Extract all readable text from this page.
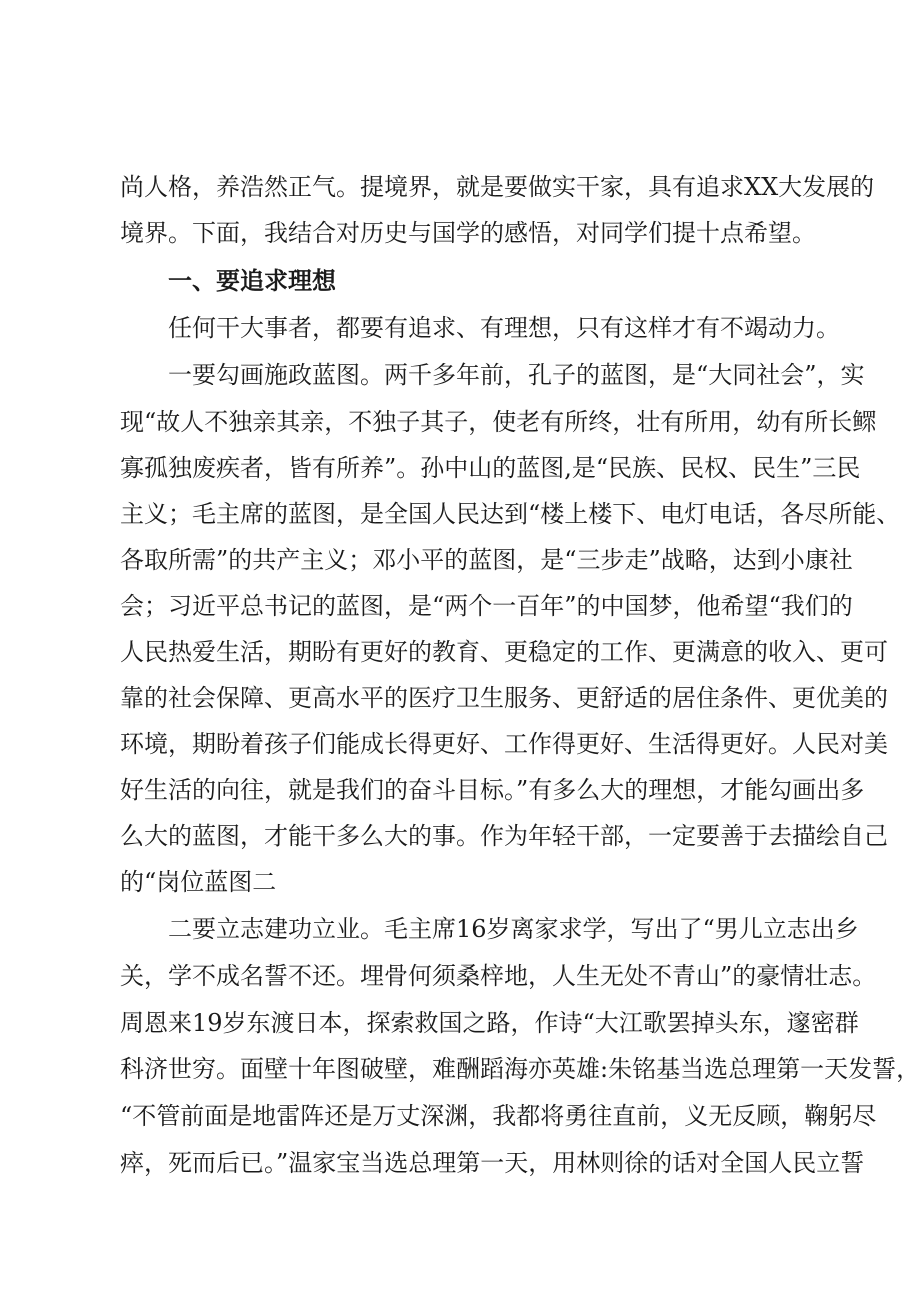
尚人格，养浩然正气。提境界，就是要做实干家，具有追求XX大发展的
境界。下面，我结合对历史与国学的感悟，对同学们提十点希望。
一、要追求理想
任何干大事者，都要有追求、有理想，只有这样才有不竭动力。
一要勾画施政蓝图。两千多年前，孔子的蓝图，是“大同社会”，实
现“故人不独亲其亲，不独子其子，使老有所终，壮有所用，幼有所长鳏
寡孤独废疾者，皆有所养”。孙中山的蓝图,是“民族、民权、民生”三民
主义；毛主席的蓝图，是全国人民达到“楼上楼下、电灯电话，各尽所能、
各取所需”的共产主义；邓小平的蓝图，是“三步走”战略，达到小康社
会；习近平总书记的蓝图，是“两个一百年”的中国梦，他希望“我们的
人民热爱生活，期盼有更好的教育、更稳定的工作、更满意的收入、更可
靠的社会保障、更高水平的医疗卫生服务、更舒适的居住条件、更优美的
环境，期盼着孩子们能成长得更好、工作得更好、生活得更好。人民对美
好生活的向往，就是我们的奋斗目标。”有多么大的理想，才能勾画出多
么大的蓝图，才能干多么大的事。作为年轻干部，一定要善于去描绘自己
的“岗位蓝图二
二要立志建功立业。毛主席16岁离家求学，写出了“男儿立志出乡
关，学不成名誓不还。埋骨何须桑梓地，人生无处不青山”的豪情壮志。
周恩来19岁东渡日本，探索救国之路，作诗“大江歌罢掉头东，邃密群
科济世穷。面壁十年图破壁，难酬蹈海亦英雄:朱铭基当选总理第一天发誓，
“不管前面是地雷阵还是万丈深渊，我都将勇往直前，义无反顾，鞠躬尽
瘁，死而后已。”温家宝当选总理第一天，用林则徐的话对全国人民立誓
